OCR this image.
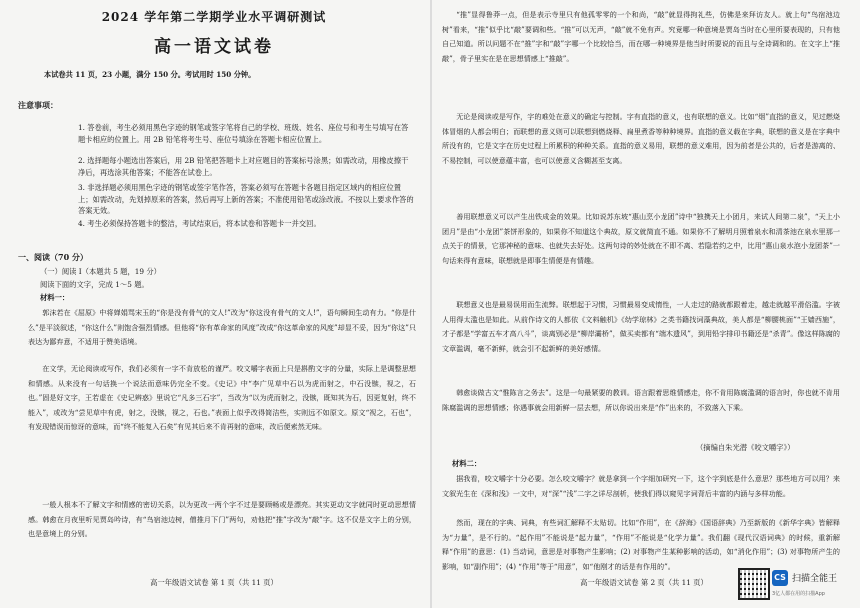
2024 学年第二学期学业水平调研测试
高一语文试卷
本试卷共 11 页，23 小题，满分 150 分。考试用时 150 分钟。
注意事项：
1. 答卷前，考生必须用黑色字迹的钢笔或签字笔将自己的学校、班级、姓名、座位号和考生号填写在答题卡相应的位置上。用 2B 铅笔将考生号、座位号填涂在答题卡相应位置上。
2. 选择题每小题选出答案后，用 2B 铅笔把答题卡上对应题目的答案标号涂黑；如需改动，用橡皮擦干净后，再选涂其他答案；不能答在试卷上。
3. 非选择题必须用黑色字迹的钢笔或签字笔作答，答案必须写在答题卡各题目指定区域内的相应位置上；如需改动，先划掉原来的答案，然后再写上新的答案；不准使用铅笔或涂改液。不按以上要求作答的答案无效。
4. 考生必须保持答题卡的整洁，考试结束后，将本试卷和答题卡一并交回。
一、阅读（70 分）
（一）阅读 I（本题共 5 题，19 分）
阅读下面的文字，完成 1～5 题。
材料一：
郭沫若在《屈原》中将婵娟骂宋玉的“你是没有骨气的文人!”改为“你这没有骨气的文人!”，语句瞬间生动有力。“你是什么”是平淡叙述，“你这什么”则饱含强烈情感。但他将“你有革命家的风度”改成“你这革命家的风度”却显不妥，因为“你这”只表达为鄙弃意，不适用于赞美语境。
在文学，无论阅读或写作，我们必须有一字不肯放松的谨严。咬文嚼字表面上只是斟酌文字的分量，实际上是调整思想和情感。从来没有一句话换一个说法而意味仍完全不变。《史记》中“李广见草中石以为虎而射之，中石没镞，视之，石也。”固是好文字，王若虚在《史记辨惑》里说它“凡多三石字”，当改为“以为虎而射之，没镞，既知其为石，因更复射，终不能入”，或改为“尝见草中有虎，射之，没镞，视之，石也。”表面上似乎改得简洁些，实则远不如原文。原文“视之，石也”，有发现错误而惊讶的意味，而“终不能复入石矣”有见其后来不肯再射的意味，改后便索然无味。
一般人根本不了解文字和情感的密切关系，以为更改一两个字不过是要顾畅或是漂亮。其实更动文字就同时更动思想情感。韩愈在月夜里听见贾岛吟诗，有“鸟宿池边树，僧推月下门”两句，劝他把“推”字改为“敲”字。这不仅是文字上的分别，也是意境上的分别。
高一年级语文试卷 第 1 页（共 11 页）
“推”显得鲁莽一点，但是表示寺里只有他孤零零的一个和尚，“敲”就显得拘礼些，仿佛是来拜访友人。就上句“鸟宿池边树”看来，“推”似乎比“敲”要调和些。“推”可以无声，“敲”就不免有声。究竟哪一种意境是贾岛当时在心里所要表现的，只有他自己知道。所以问题不在“推”字和“敲”字哪一个比较恰当，而在哪一种境界是他当时所要说的而且与全诗调和的。在文字上“推敲”，骨子里实在是在思想情感上“推敲”。
无论是阅读或是写作，字的难处在意义的确定与控制。字有直指的意义，也有联想的意义。比如“烟”直指的意义，见过燃烧体冒烟的人都会明白；而联想的意义则可以联想到燃烧释、扁里煮香等种种境界。直指的意义载在字典，联想的意义是在字典中所没有的，它是文字在历史过程上所累积的种种关系。直指的意义易用，联想的意义难用，因为前者是公共的，后者是游离的、不易控制，可以使意蕴丰富，也可以使意义含糊甚至支离。
善用联想意义可以产生出铁成金的效果。比如说苏东坡“惠山烹小龙团”诗中“独携天上小团月，来试人间第二泉”，“天上小团月”是由“小龙团”茶饼形象的，如果你不知道这个典故，原文就简直不通。如果你不了解明月照着泉水和清茶池在泉水里那一点关于的情景，它那神秘的意味、也就失去好处。这两句诗的妙处就在不即不离、若隐若约之中，比用“惠山泉水泡小龙团茶”一句话来得有意味，联想就是即事生情便是有情趣。
联想意义也是最易误用而生流弊。联想起于习惯，习惯最易变成惰性，一人走过的路就都跟着走，越走就越平滑俗滥。字被人用得太滥也是如此。从前作诗文的人都依《文料触机》《幼学琼林》之类书籍找词藻典故，美人都是“柳腰桃面”“王嫱西施”，才子都是“学富五车才高八斗”，谈离别必是“柳岸灞桥”，做买卖都有“端木遗风”，到用铅字排印书籍还是“杀青”。像这样陈腐的文章滥调，毫不新鲜，就会引不起新鲜的美好感情。
韩愈谈做古文“惟陈言之务去”。这是一句最紧要的教训。语言跟着思维情感走，你不肯用陈腐滥调的语言时，你也就不肯用陈腐滥调的思想情感；你遇事就会用新鲜一层去想，所以你说出来是“作”出来的，不致落入下乘。
（摘编自朱光潜《咬文嚼字》）
材料二：
据我看，咬文嚼字十分必要。怎么咬文嚼字？就是拿到一个字细加研究一下，这个字到底是什么意思？那些地方可以用？来文叙光生在《深和浅》一文中，对“深”“浅”二字之详尽剖析，使我们得以窥见字词背后丰富的内涵与多样功能。
然而，现在的字典、词典，有些词汇解释不太贴切。比如“作用”，在《辞海》《国语辞典》乃至新版的《新华字典》皆解释为“力量”，是不行的。“起作用”不能说是“起力量”，“作用”不能说是“化学力量”。我们翻《现代汉语词典》的时候，重新解释“作用”的意思：(1) 当动词，意思是对事物产生影响；(2) 对事物产生某种影响的活动，如“消化作用”；(3) 对事物所产生的影响，如“副作用”；(4) “作用”等于“用意”，如“他刚才的话是有作用的”。
高一年级语文试卷 第 2 页（共 11 页）
CS 扫描全能王
3亿人都在用的扫描App
